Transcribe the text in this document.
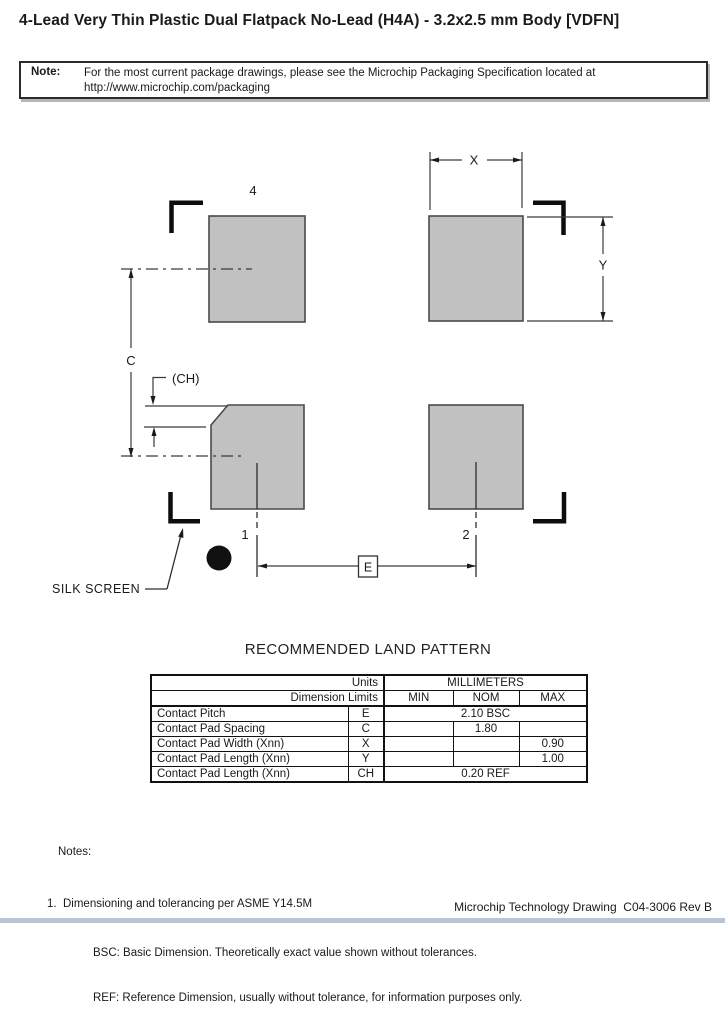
4-Lead Very Thin Plastic Dual Flatpack No-Lead (H4A) - 3.2x2.5 mm Body [VDFN]
Note:	For the most current package drawings, please see the Microchip Packaging Specification located at
http://www.microchip.com/packaging
X
Y
C
(CH)
E
SILK SCREEN
4
1	2
RECOMMENDED LAND PATTERN
Units		MILLIMETERS		
Dimension Limits		MIN	NOM	MAX
Contact Pitch	E	2.10 BSC		
Contact Pad Spacing	C		1.80	
Contact Pad Width (Xnn)	X			0.90
Contact Pad Length (Xnn)	Y			1.00
Contact Pad Length (Xnn)	CH	0.20 REF		

Notes:

1.  Dimensioning and tolerancing per ASME Y14.5M

BSC: Basic Dimension. Theoretically exact value shown without tolerances.

REF: Reference Dimension, usually without tolerance, for information purposes only.

Microchip Technology Drawing  C04-3006 Rev B
